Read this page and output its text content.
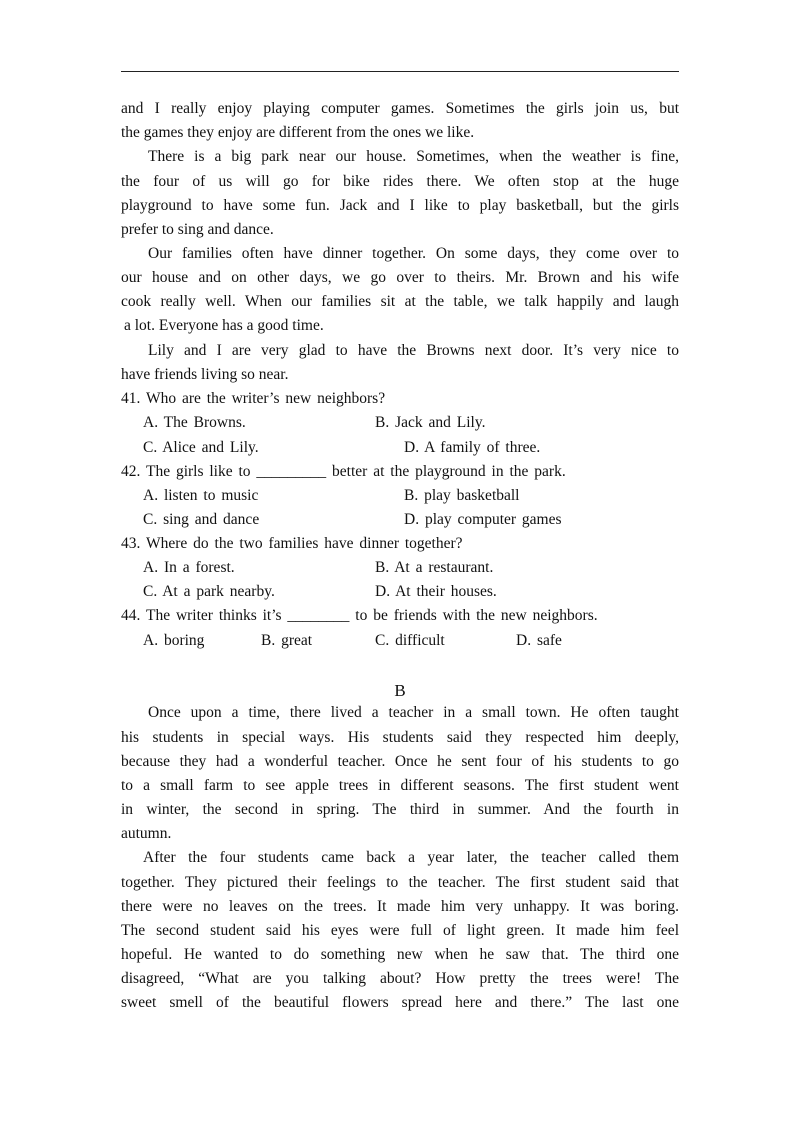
and I really enjoy playing computer games. Sometimes the girls join us, but
the games they enjoy are different from the ones we like.
There is a big park near our house. Sometimes, when the weather is fine,
the four of us will go for bike rides there. We often stop at the huge
playground to have some fun. Jack and I like to play basketball, but the girls
prefer to sing and dance.
Our families often have dinner together. On some days, they come over to
our house and on other days, we go over to theirs. Mr. Brown and his wife
cook really well. When our families sit at the table, we talk happily and laugh
a lot. Everyone has a good time.
Lily and I are very glad to have the Browns next door. It’s very nice to
have friends living so near.
41. Who are the writer’s new neighbors?
A. The Browns.	B. Jack and Lily.
C. Alice and Lily.	D. A family of three.
42. The girls like to _________ better at the playground in the park.
A. listen to music	B. play basketball
C. sing and dance	D. play computer games
43. Where do the two families have dinner together?
A. In a forest.	B. At a restaurant.
C. At a park nearby.	D. At their houses.
44. The writer thinks it’s ________ to be friends with the new neighbors.
A. boring	B. great	C. difficult	D. safe
B
Once upon a time, there lived a teacher in a small town. He often taught
his students in special ways. His students said they respected him deeply,
because they had a wonderful teacher. Once he sent four of his students to go
to a small farm to see apple trees in different seasons. The first student went
in winter, the second in spring. The third in summer. And the fourth in
autumn.
After the four students came back a year later, the teacher called them
together. They pictured their feelings to the teacher. The first student said that
there were no leaves on the trees. It made him very unhappy. It was boring.
The second student said his eyes were full of light green. It made him feel
hopeful. He wanted to do something new when he saw that. The third one
disagreed, “What are you talking about? How pretty the trees were! The
sweet smell of the beautiful flowers spread here and there.” The last one
